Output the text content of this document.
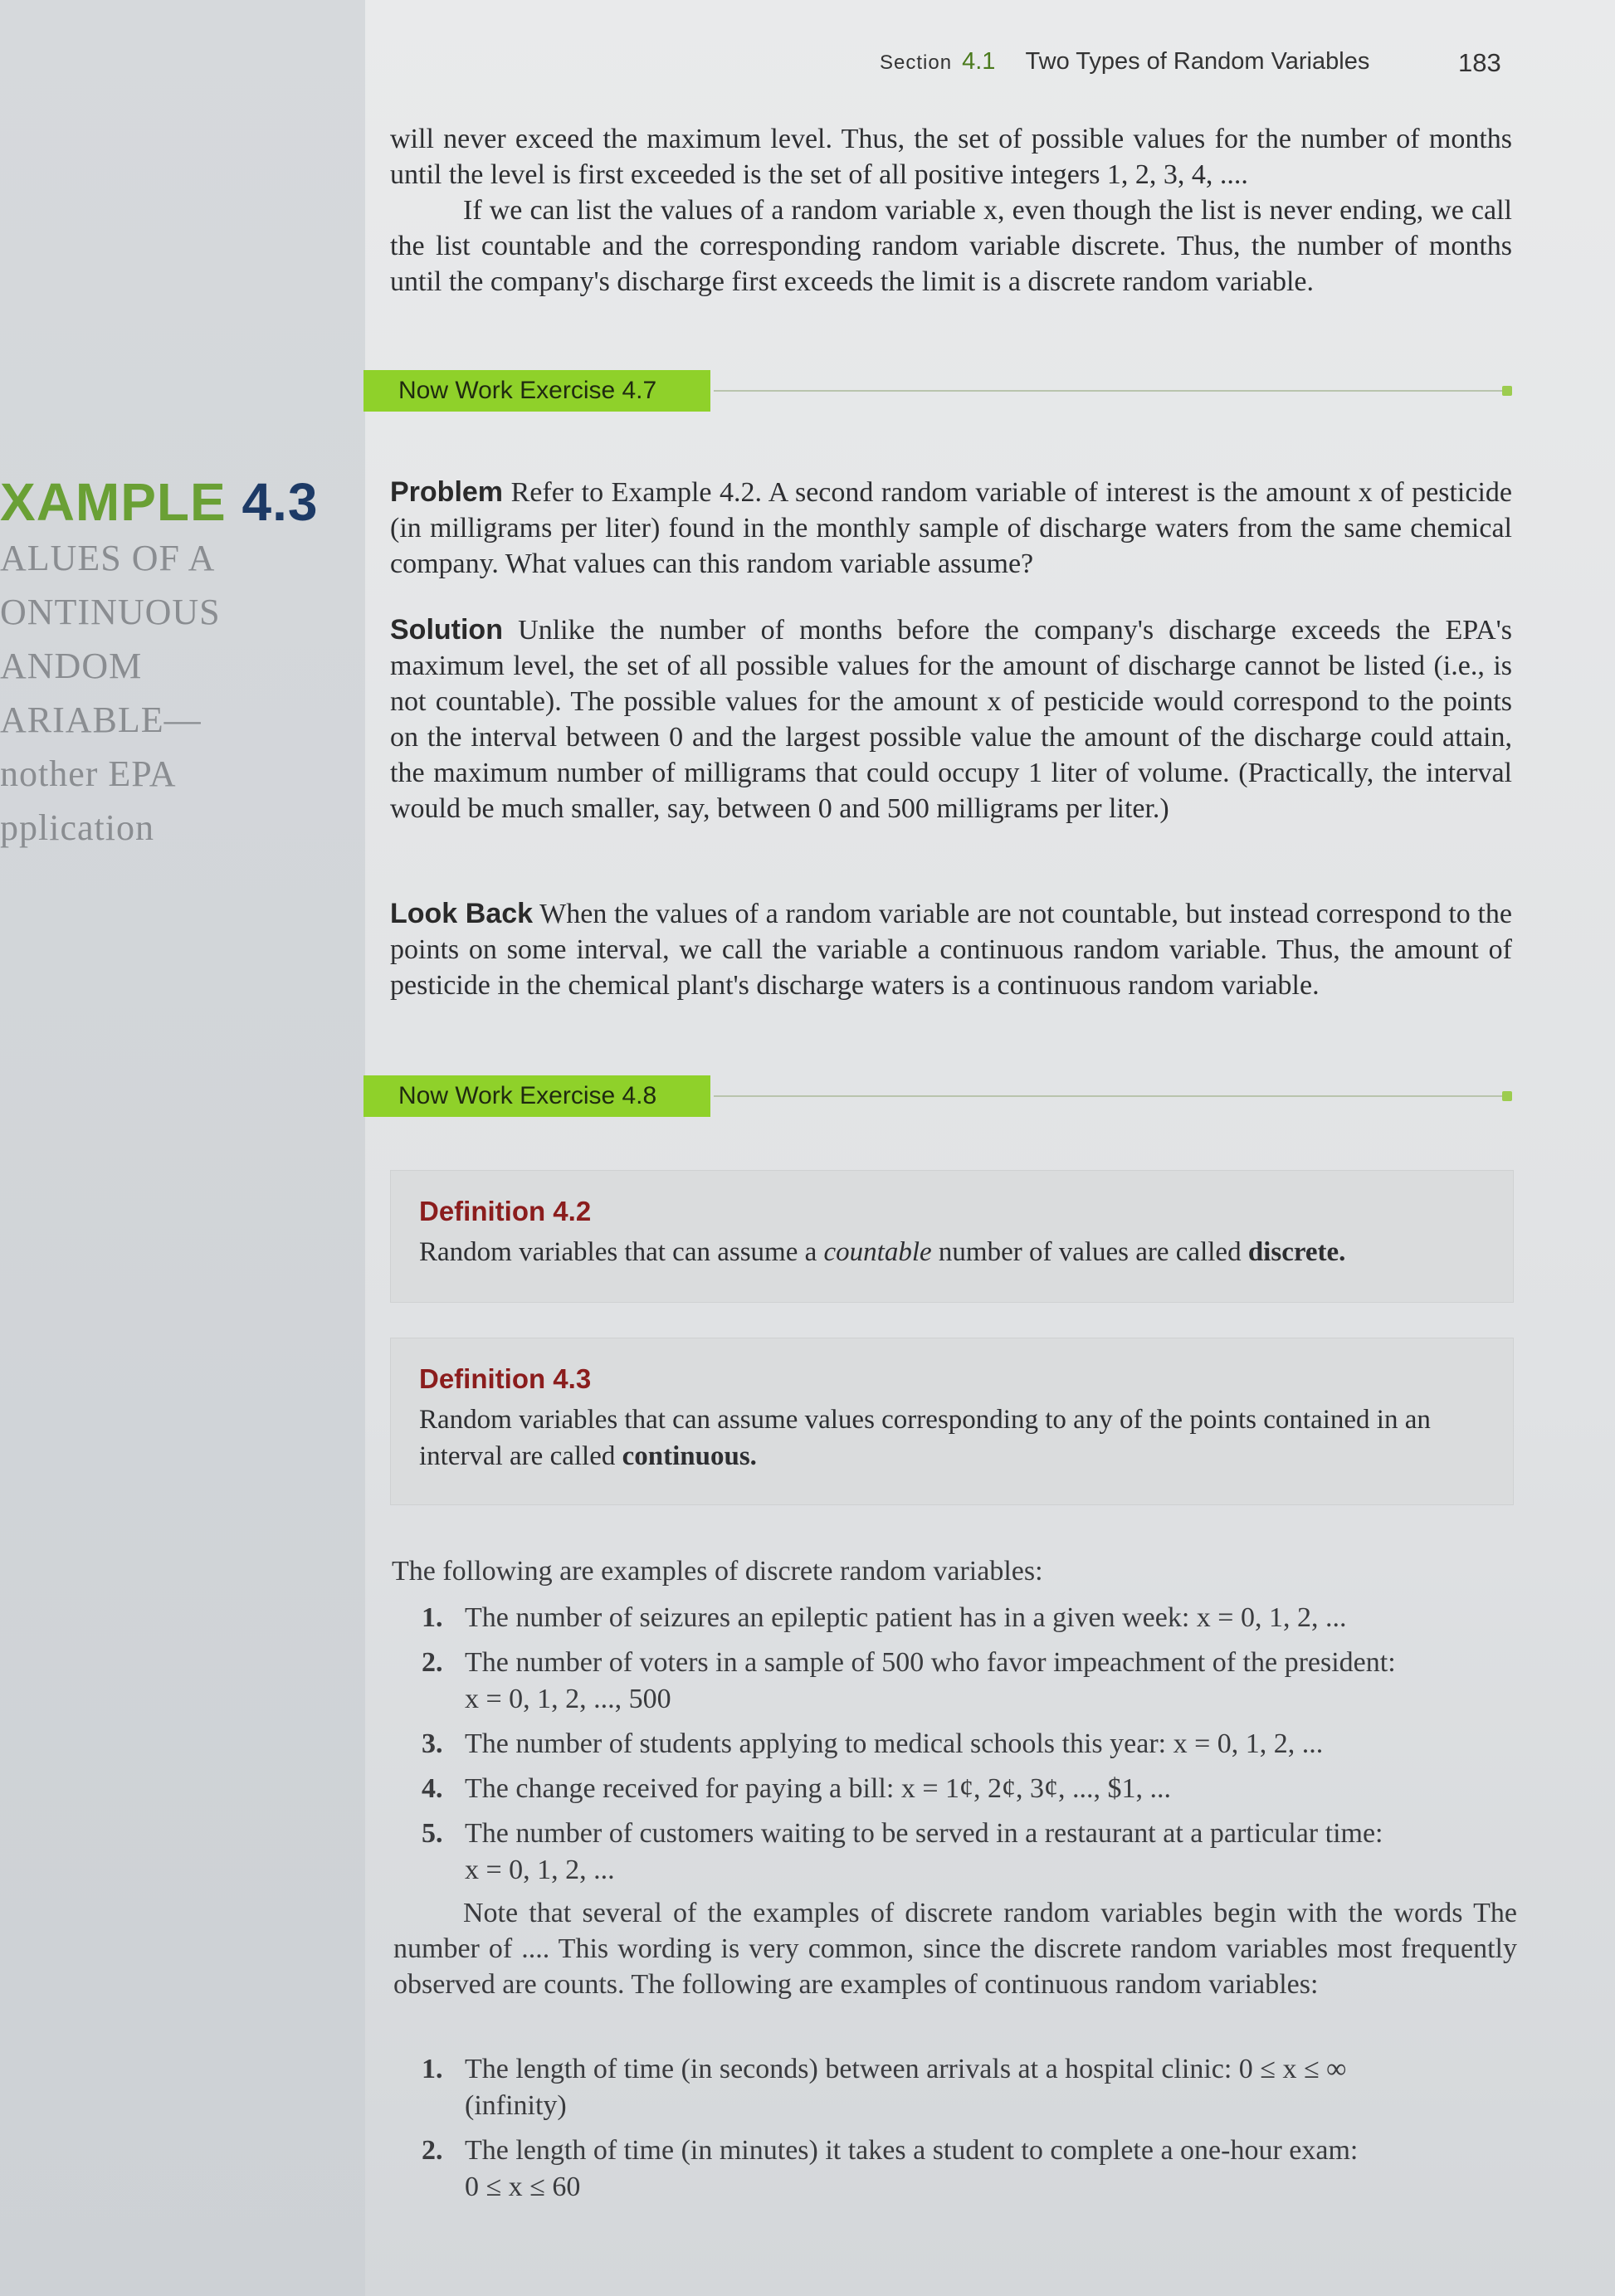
Section 4.1 Two Types of Random Variables	183
will never exceed the maximum level. Thus, the set of possible values for the number of months until the level is first exceeded is the set of all positive integers 1, 2, 3, 4, ....
If we can list the values of a random variable x, even though the list is never ending, we call the list countable and the corresponding random variable discrete. Thus, the number of months until the company's discharge first exceeds the limit is a discrete random variable.
Now Work Exercise 4.7
XAMPLE 4.3
ALUES OF A
ONTINUOUS
ANDOM
ARIABLE—
nother EPA
pplication
Problem Refer to Example 4.2. A second random variable of interest is the amount x of pesticide (in milligrams per liter) found in the monthly sample of discharge waters from the same chemical company. What values can this random variable assume?
Solution Unlike the number of months before the company's discharge exceeds the EPA's maximum level, the set of all possible values for the amount of discharge cannot be listed (i.e., is not countable). The possible values for the amount x of pesticide would correspond to the points on the interval between 0 and the largest possible value the amount of the discharge could attain, the maximum number of milligrams that could occupy 1 liter of volume. (Practically, the interval would be much smaller, say, between 0 and 500 milligrams per liter.)
Look Back When the values of a random variable are not countable, but instead correspond to the points on some interval, we call the variable a continuous random variable. Thus, the amount of pesticide in the chemical plant's discharge waters is a continuous random variable.
Now Work Exercise 4.8
Definition 4.2
Random variables that can assume a countable number of values are called discrete.
Definition 4.3
Random variables that can assume values corresponding to any of the points contained in an interval are called continuous.
The following are examples of discrete random variables:
1. The number of seizures an epileptic patient has in a given week: x = 0, 1, 2, ...
2. The number of voters in a sample of 500 who favor impeachment of the president:
x = 0, 1, 2, ..., 500
3. The number of students applying to medical schools this year: x = 0, 1, 2, ...
4. The change received for paying a bill: x = 1¢, 2¢, 3¢, ..., $1, ...
5. The number of customers waiting to be served in a restaurant at a particular time:
x = 0, 1, 2, ...
Note that several of the examples of discrete random variables begin with the words The number of .... This wording is very common, since the discrete random variables most frequently observed are counts. The following are examples of continuous random variables:
1. The length of time (in seconds) between arrivals at a hospital clinic: 0 ≤ x ≤ ∞
(infinity)
2. The length of time (in minutes) it takes a student to complete a one-hour exam:
0 ≤ x ≤ 60
